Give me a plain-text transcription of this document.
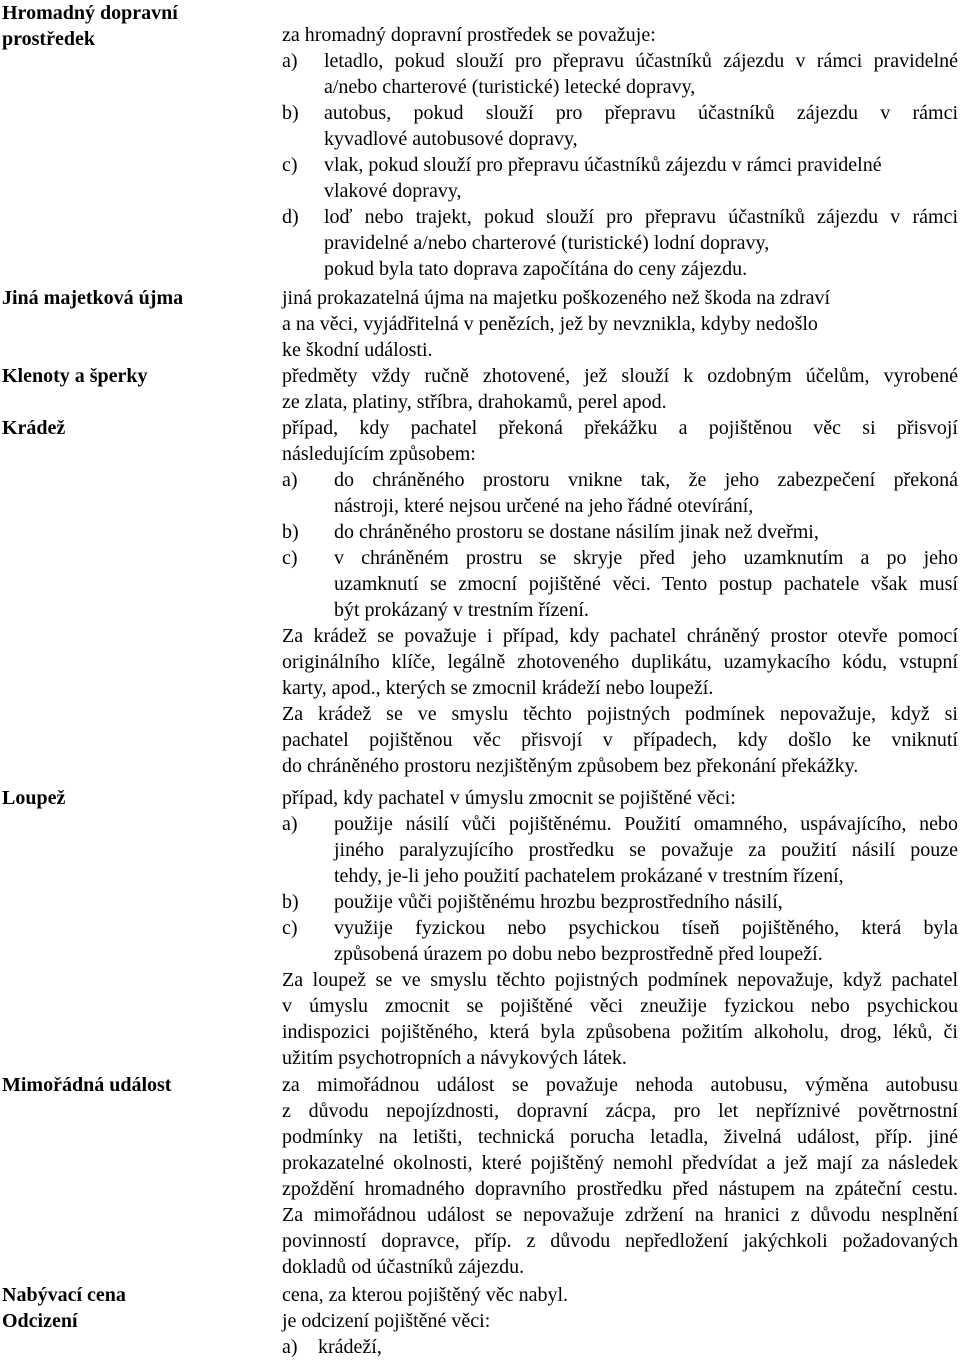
Hromadný dopravní prostředek
Jiná majetková újma
Klenoty a šperky
Krádež
Loupež
Mimořádná událost
Nabývací cena
Odcizení
za hromadný dopravní prostředek se považuje:
a) letadlo, pokud slouží pro přepravu účastníků zájezdu v rámci pravidelné
a/nebo charterové (turistické) letecké dopravy,
b) autobus, pokud slouží pro přepravu účastníků zájezdu v rámci
kyvadlové autobusové dopravy,
c) vlak, pokud slouží pro přepravu účastníků zájezdu v rámci pravidelné
vlakové dopravy,
d) loď nebo trajekt, pokud slouží pro přepravu účastníků zájezdu v rámci
pravidelné a/nebo charterové (turistické) lodní dopravy,
pokud byla tato doprava započítána do ceny zájezdu.
jiná prokazatelná újma na majetku poškozeného než škoda na zdraví
a na věci, vyjádřitelná v penězích, jež by nevznikla, kdyby nedošlo
ke škodní události.
předměty vždy ručně zhotovené, jež slouží k ozdobným účelům, vyrobené
ze zlata, platiny, stříbra, drahokamů, perel apod.
případ, kdy pachatel překoná překážku a pojištěnou věc si přisvojí
následujícím způsobem:
a) do chráněného prostoru vnikne tak, že jeho zabezpečení překoná
nástroji, které nejsou určené na jeho řádné otevírání,
b) do chráněného prostoru se dostane násilím jinak než dveřmi,
c) v chráněném prostru se skryje před jeho uzamknutím a po jeho
uzamknutí se zmocní pojištěné věci. Tento postup pachatele však musí
být prokázaný v trestním řízení.
Za krádež se považuje i případ, kdy pachatel chráněný prostor otevře pomocí
originálního klíče, legálně zhotoveného duplikátu, uzamykacího kódu, vstupní
karty, apod., kterých se zmocnil krádeží nebo loupeží.
Za krádež se ve smyslu těchto pojistných podmínek nepovažuje, když si
pachatel pojištěnou věc přisvojí v případech, kdy došlo ke vniknutí
do chráněného prostoru nezjištěným způsobem bez překonání překážky.
případ, kdy pachatel v úmyslu zmocnit se pojištěné věci:
a) použije násilí vůči pojištěnému. Použití omamného, uspávajícího, nebo
jiného paralyzujícího prostředku se považuje za použití násilí pouze
tehdy, je-li jeho použití pachatelem prokázané v trestním řízení,
b) použije vůči pojištěnému hrozbu bezprostředního násilí,
c) využije fyzickou nebo psychickou tíseň pojištěného, která byla
způsobená úrazem po dobu nebo bezprostředně před loupeží.
Za loupež se ve smyslu těchto pojistných podmínek nepovažuje, když pachatel
v úmyslu zmocnit se pojištěné věci zneužije fyzickou nebo psychickou
indispozici pojištěného, která byla způsobena požitím alkoholu, drog, léků, či
užitím psychotropních a návykových látek.
za mimořádnou událost se považuje nehoda autobusu, výměna autobusu
z důvodu nepojízdnosti, dopravní zácpa, pro let nepříznivé povětrnostní
podmínky na letišti, technická porucha letadla, živelná událost, příp. jiné
prokazatelné okolnosti, které pojištěný nemohl předvídat a jež mají za následek
zpoždění hromadného dopravního prostředku před nástupem na zpáteční cestu.
Za mimořádnou událost se nepovažuje zdržení na hranici z důvodu nesplnění
povinností dopravce, příp. z důvodu nepředložení jakýchkoli požadovaných
dokladů od účastníků zájezdu.
cena, za kterou pojištěný věc nabyl.
je odcizení pojištěné věci:
a) krádeží,
